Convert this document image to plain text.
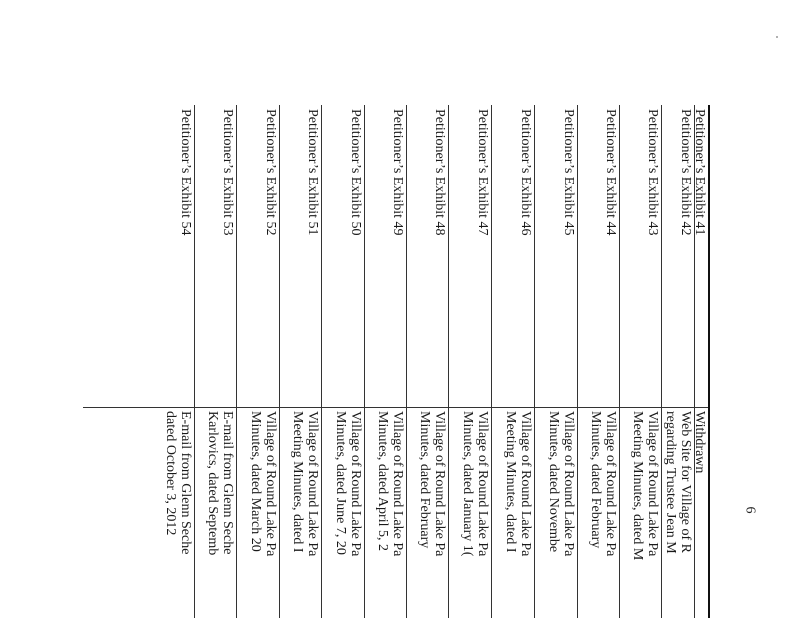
6
Petitioner’s Exhibit 41
Withdrawn
Petitioner’s Exhibit 42
Web Site for Village of R
regarding Trustee Jean M
Petitioner’s Exhibit 43
Village of Round Lake Pa
Meeting Minutes, dated M
Petitioner’s Exhibit 44
Village of Round Lake Pa
Minutes, dated February
Petitioner’s Exhibit 45
Village of Round Lake Pa
Minutes, dated Novembe
Petitioner’s Exhibit 46
Village of Round Lake Pa
Meeting Minutes, dated I
Petitioner’s Exhibit 47
Village of Round Lake Pa
Minutes, dated January 1(
Petitioner’s Exhibit 48
Village of Round Lake Pa
Minutes, dated February
Petitioner’s Exhibit 49
Village of Round Lake Pa
Minutes, dated April 5, 2
Petitioner’s Exhibit 50
Village of Round Lake Pa
Minutes, dated June 7, 20
Petitioner’s Exhibit 51
Village of Round Lake Pa
Meeting Minutes, dated I
Petitioner’s Exhibit 52
Village of Round Lake Pa
Minutes, dated March 20
Petitioner’s Exhibit 53
E-mail from Glenn Seche
Karlovics, dated Septemb
Petitioner’s Exhibit 54
E-mail from Glenn Seche
dated October 3, 2012
